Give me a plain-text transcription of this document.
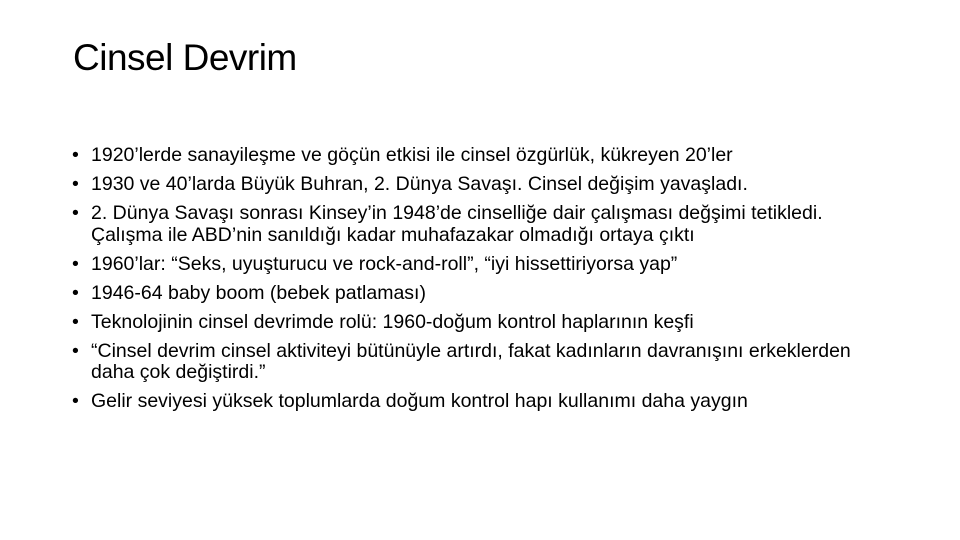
Cinsel Devrim
• 1920’lerde sanayileşme ve göçün etkisi ile cinsel özgürlük, kükreyen 20’ler
• 1930 ve 40’larda Büyük Buhran, 2. Dünya Savaşı. Cinsel değişim yavaşladı.
• 2. Dünya Savaşı sonrası Kinsey’in 1948’de cinselliğe dair çalışması değşimi tetikledi. Çalışma ile ABD’nin sanıldığı kadar muhafazakar olmadığı ortaya çıktı
• 1960’lar: “Seks, uyuşturucu ve rock-and-roll”, “iyi hissettiriyorsa yap”
• 1946-64 baby boom (bebek patlaması)
• Teknolojinin cinsel devrimde rolü: 1960-doğum kontrol haplarının keşfi
• “Cinsel devrim cinsel aktiviteyi bütünüyle artırdı, fakat kadınların davranışını erkeklerden daha çok değiştirdi.”
• Gelir seviyesi yüksek toplumlarda doğum kontrol hapı kullanımı daha yaygın
